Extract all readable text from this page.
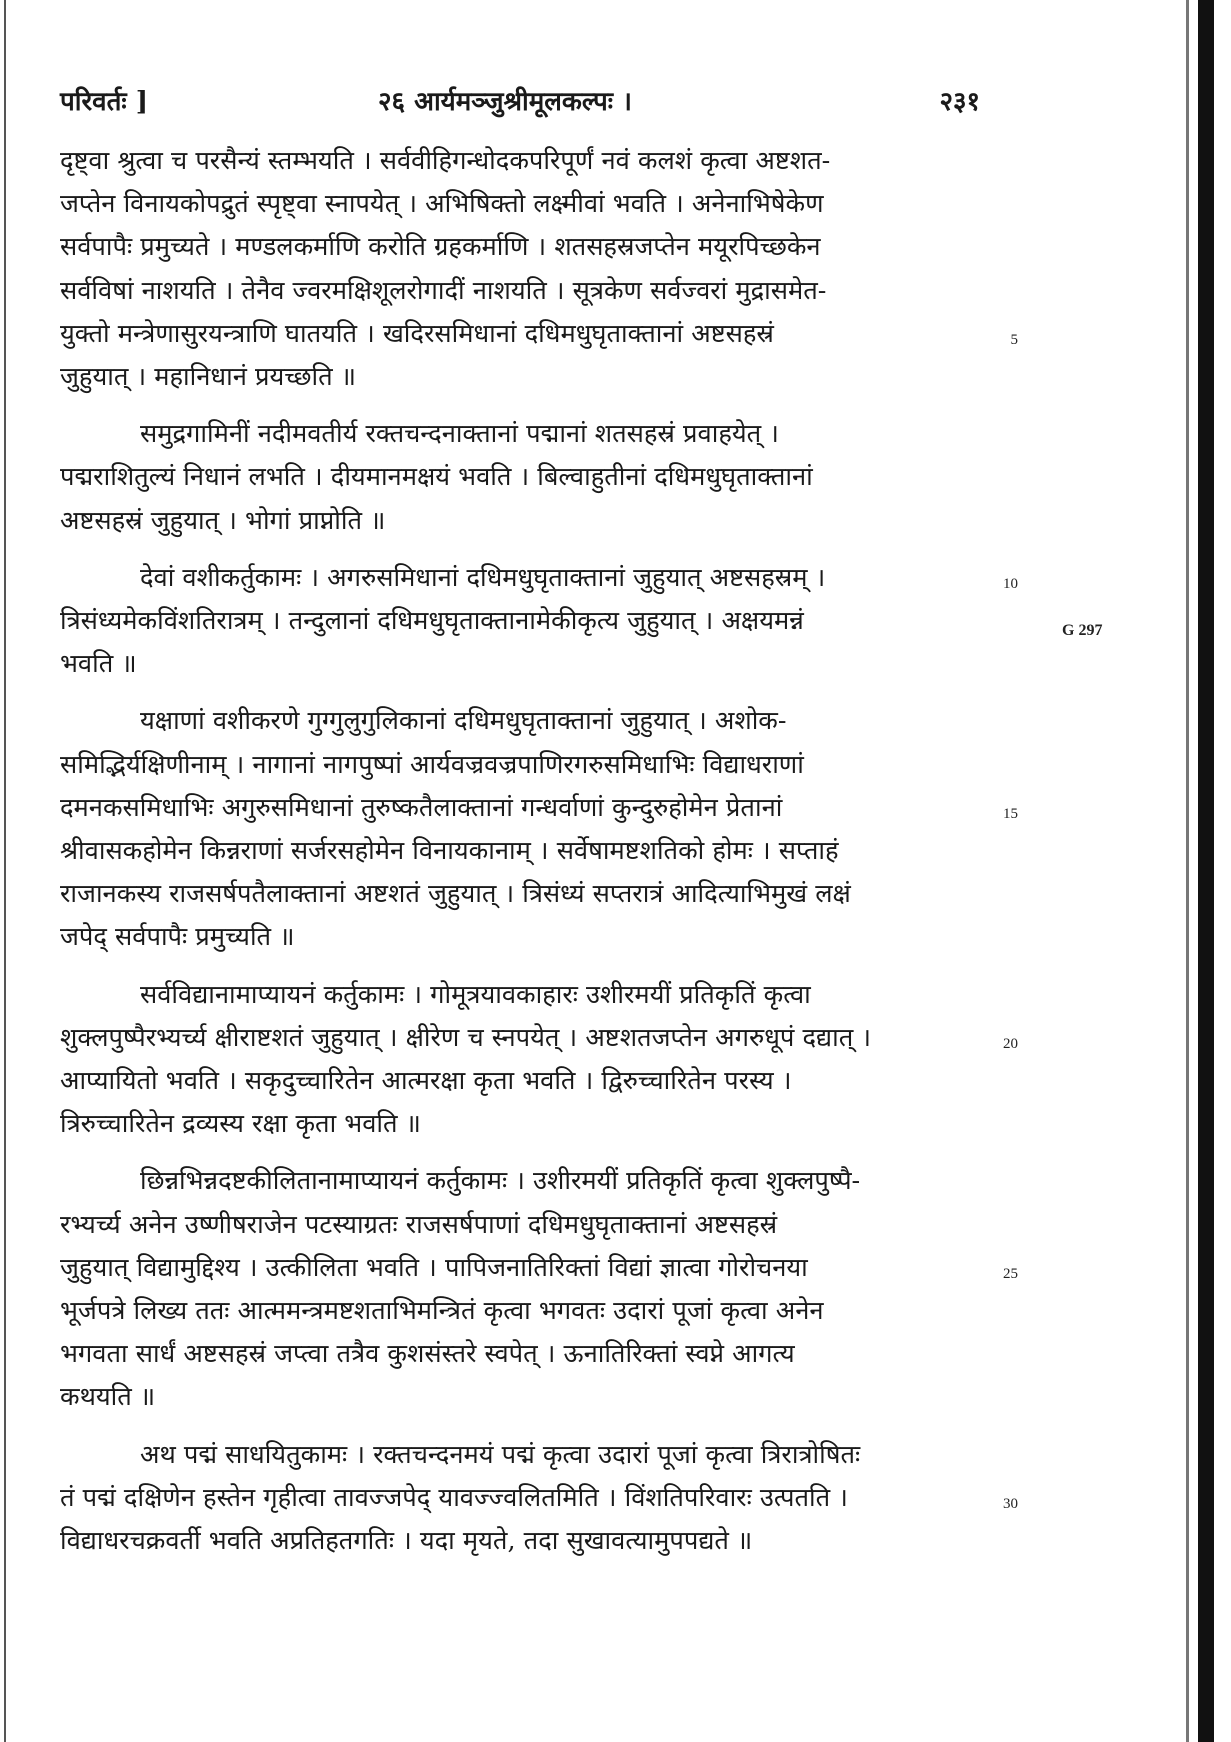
परिवर्तः ]	२६ आर्यमञ्जुश्रीमूलकल्पः ।	२३१
G 297
दृष्ट्वा श्रुत्वा च परसैन्यं स्तम्भयति । सर्ववीहिगन्धोदकपरिपूर्णं नवं कलशं कृत्वा अष्टशत-
जप्तेन विनायकोपद्रुतं स्पृष्ट्वा स्नापयेत् । अभिषिक्तो लक्ष्मीवां भवति । अनेनाभिषेकेण
सर्वपापैः प्रमुच्यते । मण्डलकर्माणि करोति ग्रहकर्माणि । शतसहस्रजप्तेन मयूरपिच्छकेन
सर्वविषां नाशयति । तेनैव ज्वरमक्षिशूलरोगादीं नाशयति । सूत्रकेण सर्वज्वरां मुद्रासमेत-
युक्तो मन्त्रेणासुरयन्त्राणि घातयति । खदिरसमिधानां दधिमधुघृताक्तानां अष्टसहस्रं	5
जुहुयात् । महानिधानं प्रयच्छति ॥
समुद्रगामिनीं नदीमवतीर्य रक्तचन्दनाक्तानां पद्मानां शतसहस्रं प्रवाहयेत् ।
पद्मराशितुल्यं निधानं लभति । दीयमानमक्षयं भवति । बिल्वाहुतीनां दधिमधुघृताक्तानां
अष्टसहस्रं जुहुयात् । भोगां प्राप्नोति ॥
देवां वशीकर्तुकामः । अगरुसमिधानां दधिमधुघृताक्तानां जुहुयात् अष्टसहस्रम् ।	10
त्रिसंध्यमेकविंशतिरात्रम् । तन्दुलानां दधिमधुघृताक्तानामेकीकृत्य जुहुयात् । अक्षयमन्नं
भवति ॥
यक्षाणां वशीकरणे गुग्गुलुगुलिकानां दधिमधुघृताक्तानां जुहुयात् । अशोक-
समिद्भिर्यक्षिणीनाम् । नागानां नागपुष्पां आर्यवज्रवज्रपाणिरगरुसमिधाभिः विद्याधराणां
दमनकसमिधाभिः अगुरुसमिधानां तुरुष्कतैलाक्तानां गन्धर्वाणां कुन्दुरुहोमेन प्रेतानां	15
श्रीवासकहोमेन किन्नराणां सर्जरसहोमेन विनायकानाम् । सर्वेषामष्टशतिको होमः । सप्ताहं
राजानकस्य राजसर्षपतैलाक्तानां अष्टशतं जुहुयात् । त्रिसंध्यं सप्तरात्रं आदित्याभिमुखं लक्षं
जपेद् सर्वपापैः प्रमुच्यति ॥
सर्वविद्यानामाप्यायनं कर्तुकामः । गोमूत्रयावकाहारः उशीरमयीं प्रतिकृतिं कृत्वा
शुक्लपुष्पैरभ्यर्च्य क्षीराष्टशतं जुहुयात् । क्षीरेण च स्नपयेत् । अष्टशतजप्तेन अगरुधूपं दद्यात् ।	20
आप्यायितो भवति । सकृदुच्चारितेन आत्मरक्षा कृता भवति । द्विरुच्चारितेन परस्य ।
त्रिरुच्चारितेन द्रव्यस्य रक्षा कृता भवति ॥
छिन्नभिन्नदष्टकीलितानामाप्यायनं कर्तुकामः । उशीरमयीं प्रतिकृतिं कृत्वा शुक्लपुष्पै-
रभ्यर्च्य अनेन उष्णीषराजेन पटस्याग्रतः राजसर्षपाणां दधिमधुघृताक्तानां अष्टसहस्रं
जुहुयात् विद्यामुद्दिश्य । उत्कीलिता भवति । पापिजनातिरिक्तां विद्यां ज्ञात्वा गोरोचनया	25
भूर्जपत्रे लिख्य ततः आत्ममन्त्रमष्टशताभिमन्त्रितं कृत्वा भगवतः उदारां पूजां कृत्वा अनेन
भगवता सार्धं अष्टसहस्रं जप्त्वा तत्रैव कुशसंस्तरे स्वपेत् । ऊनातिरिक्तां स्वप्ने आगत्य
कथयति ॥
अथ पद्मं साधयितुकामः । रक्तचन्दनमयं पद्मं कृत्वा उदारां पूजां कृत्वा त्रिरात्रोषितः
तं पद्मं दक्षिणेन हस्तेन गृहीत्वा तावज्जपेद् यावज्ज्वलितमिति । विंशतिपरिवारः उत्पतति ।	30
विद्याधरचक्रवर्ती भवति अप्रतिहतगतिः । यदा मृयते, तदा सुखावत्यामुपपद्यते ॥
